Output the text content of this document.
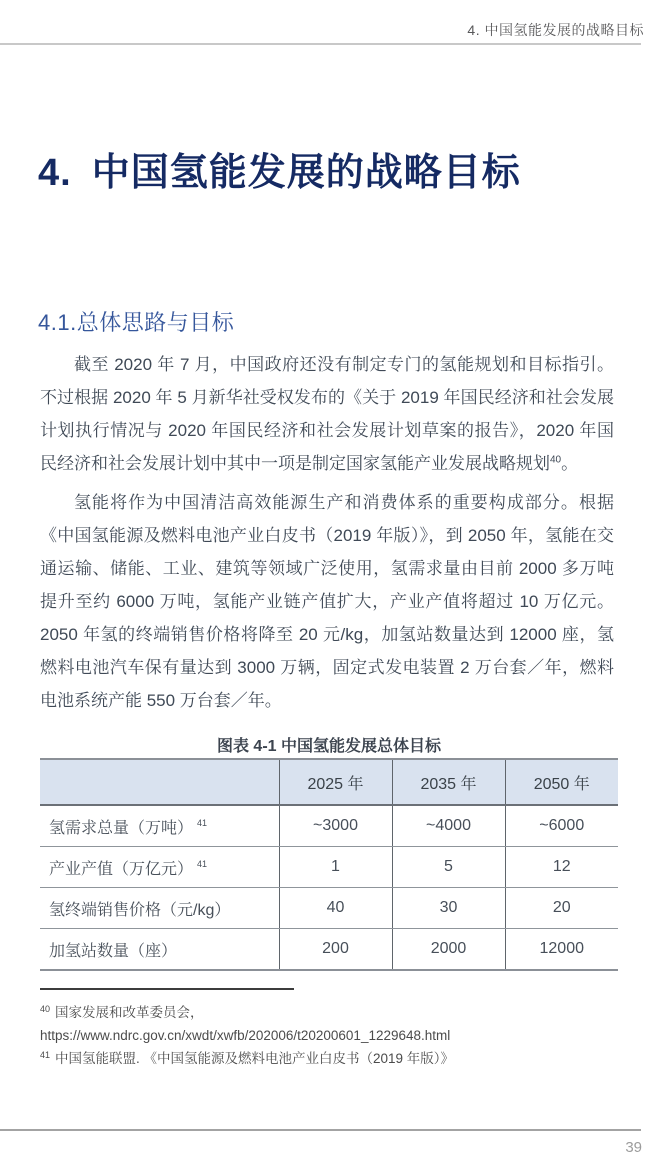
4. 中国氢能发展的战略目标
4. 中国氢能发展的战略目标
4.1.总体思路与目标

截至 2020 年 7 月，中国政府还没有制定专门的氢能规划和目标指引。不过根据 2020 年 5 月新华社受权发布的《关于 2019 年国民经济和社会发展计划执行情况与 2020 年国民经济和社会发展计划草案的报告》，2020 年国民经济和社会发展计划中其中一项是制定国家氢能产业发展战略规划$^{40}$。

氢能将作为中国清洁高效能源生产和消费体系的重要构成部分。根据《中国氢能源及燃料电池产业白皮书（2019 年版）》，到 2050 年，氢能在交通运输、储能、工业、建筑等领域广泛使用，氢需求量由目前 2000 多万吨提升至约 6000 万吨，氢能产业链产值扩大，产业产值将超过 10 万亿元。2050 年氢的终端销售价格将降至 20 元/kg，加氢站数量达到 12000 座，氢燃料电池汽车保有量达到 3000 万辆，固定式发电装置 2 万台套／年，燃料电池系统产能 550 万台套／年。

图表 4-1 中国氢能发展总体目标
	2025 年	2035 年	2050 年
氢需求总量（万吨） $^{41}$	~3000	~4000	~6000
产业产值（万亿元） $^{41}$	1	5	12
氢终端销售价格（元/kg）	40	30	20
加氢站数量（座）	200	2000	12000
$^{40}$ 国家发展和改革委员会，
https://www.ndrc.gov.cn/xwdt/xwfb/202006/t20200601_1229648.html
$^{41}$ 中国氢能联盟. 《中国氢能源及燃料电池产业白皮书（2019 年版）》
39
